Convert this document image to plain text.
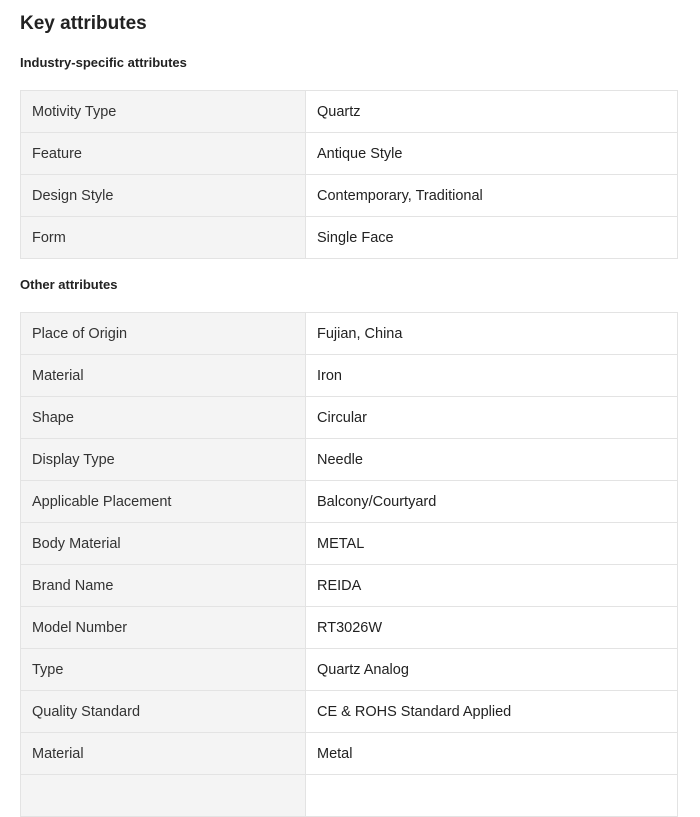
Key attributes
Industry-specific attributes
Motivity Type	Quartz
Feature	Antique Style
Design Style	Contemporary, Traditional
Form	Single Face
Other attributes
Place of Origin	Fujian, China
Material	Iron
Shape	Circular
Display Type	Needle
Applicable Placement	Balcony/Courtyard
Body Material	METAL
Brand Name	REIDA
Model Number	RT3026W
Type	Quartz Analog
Quality Standard	CE & ROHS Standard Applied
Material	Metal
